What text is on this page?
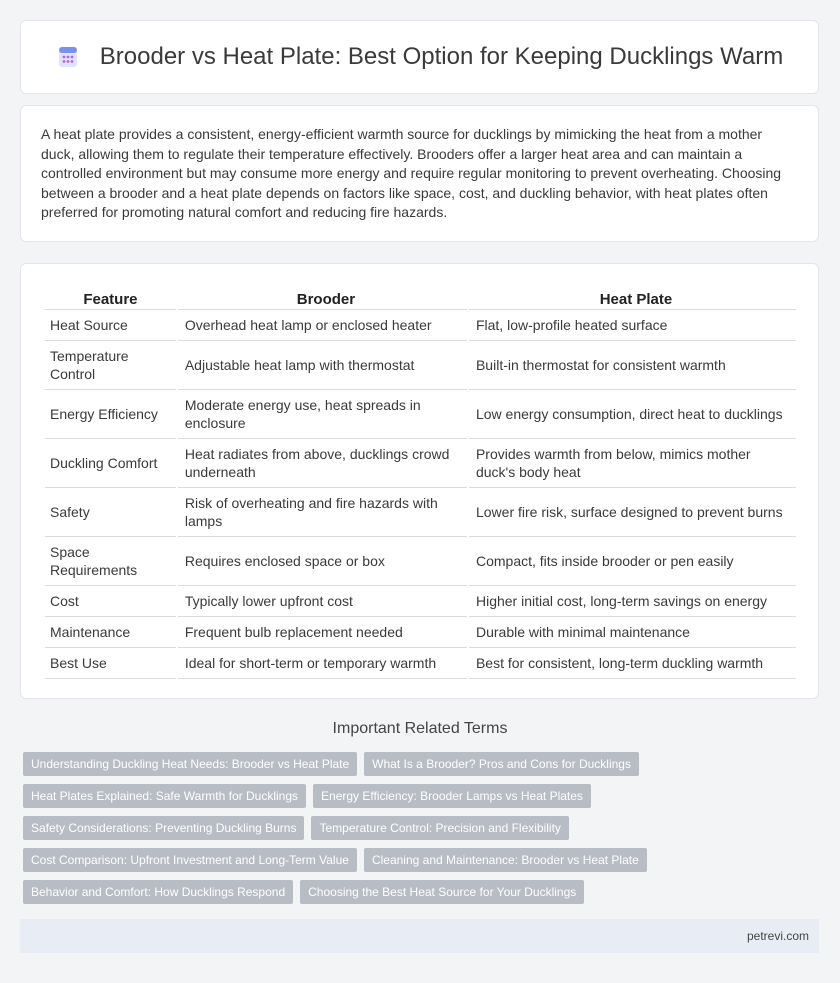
Brooder vs Heat Plate: Best Option for Keeping Ducklings Warm

A heat plate provides a consistent, energy-efficient warmth source for ducklings by mimicking the heat from a mother duck, allowing them to regulate their temperature effectively. Brooders offer a larger heat area and can maintain a controlled environment but may consume more energy and require regular monitoring to prevent overheating. Choosing between a brooder and a heat plate depends on factors like space, cost, and duckling behavior, with heat plates often preferred for promoting natural comfort and reducing fire hazards.

Feature	Brooder	Heat Plate
Heat Source	Overhead heat lamp or enclosed heater	Flat, low-profile heated surface
Temperature Control	Adjustable heat lamp with thermostat	Built-in thermostat for consistent warmth
Energy Efficiency	Moderate energy use, heat spreads in enclosure	Low energy consumption, direct heat to ducklings
Duckling Comfort	Heat radiates from above, ducklings crowd underneath	Provides warmth from below, mimics mother duck's body heat
Safety	Risk of overheating and fire hazards with lamps	Lower fire risk, surface designed to prevent burns
Space Requirements	Requires enclosed space or box	Compact, fits inside brooder or pen easily
Cost	Typically lower upfront cost	Higher initial cost, long-term savings on energy
Maintenance	Frequent bulb replacement needed	Durable with minimal maintenance
Best Use	Ideal for short-term or temporary warmth	Best for consistent, long-term duckling warmth
Important Related Terms
Understanding Duckling Heat Needs: Brooder vs Heat Plate	What Is a Brooder? Pros and Cons for Ducklings
Heat Plates Explained: Safe Warmth for Ducklings	Energy Efficiency: Brooder Lamps vs Heat Plates
Safety Considerations: Preventing Duckling Burns	Temperature Control: Precision and Flexibility
Cost Comparison: Upfront Investment and Long-Term Value	Cleaning and Maintenance: Brooder vs Heat Plate
Behavior and Comfort: How Ducklings Respond	Choosing the Best Heat Source for Your Ducklings
petrevi.com
